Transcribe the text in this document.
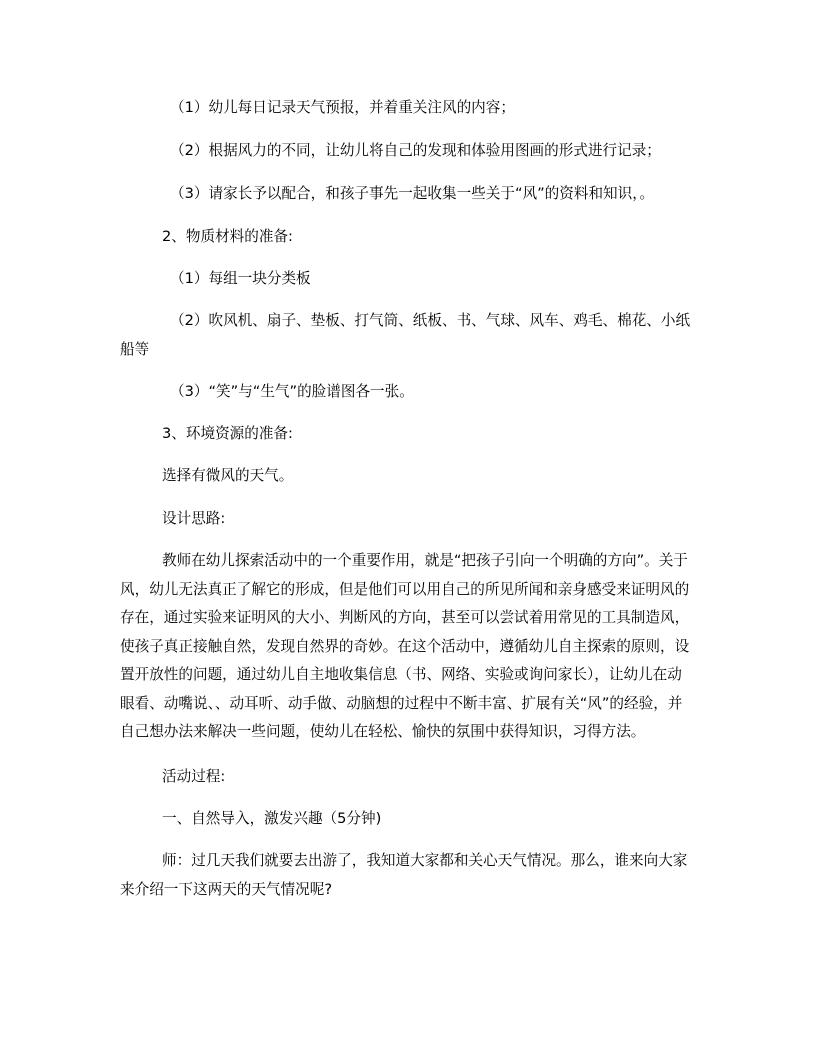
（1）幼儿每日记录天气预报，并着重关注风的内容；
（2）根据风力的不同，让幼儿将自己的发现和体验用图画的形式进行记录；
（3）请家长予以配合，和孩子事先一起收集一些关于“风”的资料和知识，。
2、物质材料的准备:
（1）每组一块分类板
（2）吹风机、扇子、垫板、打气筒、纸板、书、气球、风车、鸡毛、棉花、小纸船等
（3）“笑”与“生气”的脸谱图各一张。
3、环境资源的准备:
选择有微风的天气。
设计思路:
教师在幼儿探索活动中的一个重要作用，就是“把孩子引向一个明确的方向”。关于风，幼儿无法真正了解它的形成，但是他们可以用自己的所见所闻和亲身感受来证明风的存在，通过实验来证明风的大小、判断风的方向，甚至可以尝试着用常见的工具制造风，使孩子真正接触自然，发现自然界的奇妙。在这个活动中，遵循幼儿自主探索的原则，设置开放性的问题，通过幼儿自主地收集信息（书、网络、实验或询问家长），让幼儿在动眼看、动嘴说、、动耳听、动手做、动脑想的过程中不断丰富、扩展有关“风”的经验，并自己想办法来解决一些问题，使幼儿在轻松、愉快的氛围中获得知识，习得方法。
活动过程:
一、自然导入，激发兴趣（5分钟)
师：过几天我们就要去出游了，我知道大家都和关心天气情况。那么，谁来向大家来介绍一下这两天的天气情况呢?
